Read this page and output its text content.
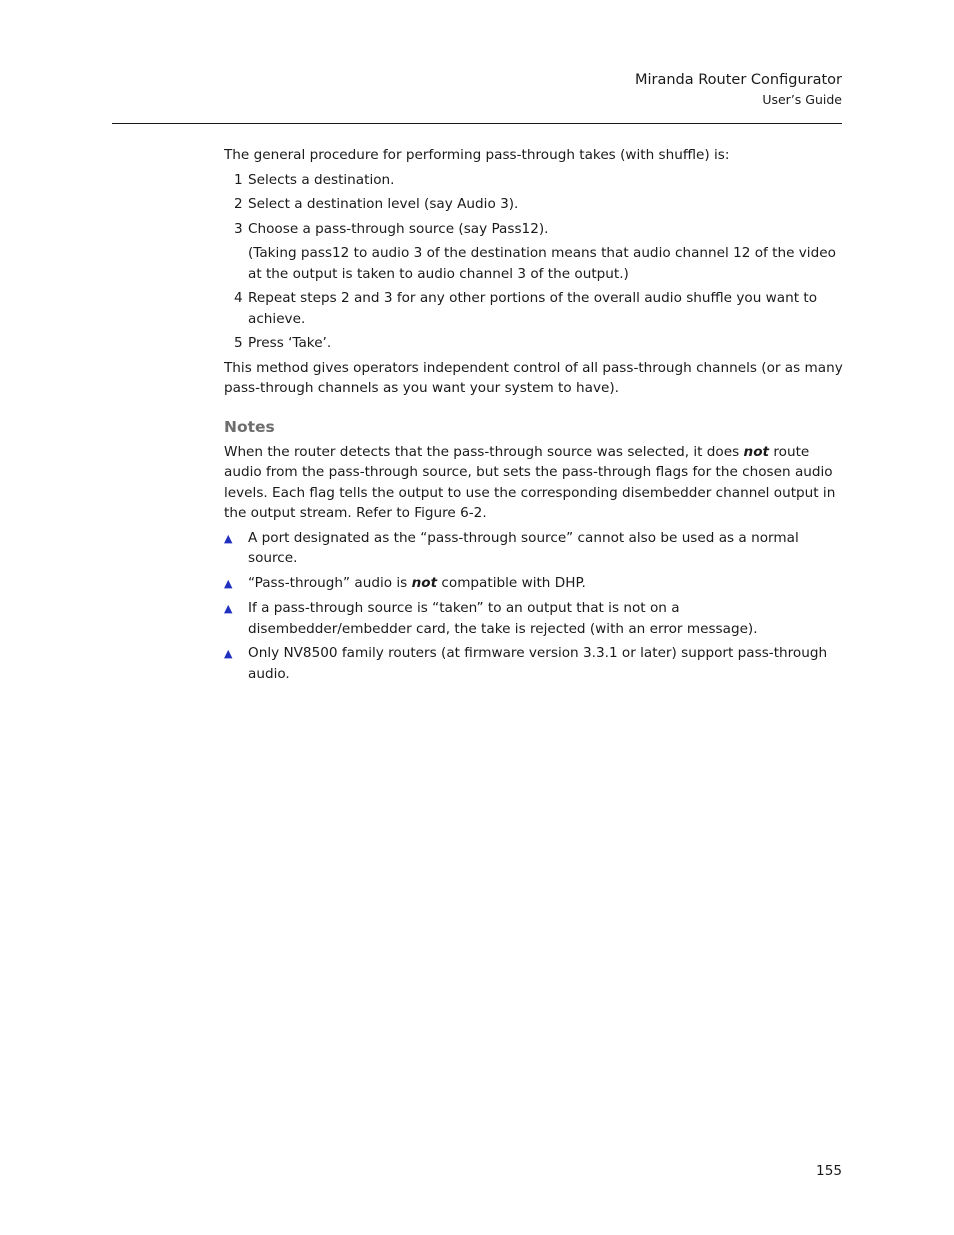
Miranda Router Configurator
User’s Guide

The general procedure for performing pass-through takes (with shuffle) is:

1 Selects a destination.
2 Select a destination level (say Audio 3).
3 Choose a pass-through source (say Pass12).

(Taking pass12 to audio 3 of the destination means that audio channel 12 of the video at the output is taken to audio channel 3 of the output.)

4 Repeat steps 2 and 3 for any other portions of the overall audio shuffle you want to achieve.
5 Press ‘Take’.

This method gives operators independent control of all pass-through channels (or as many pass-through channels as you want your system to have).

Notes

When the router detects that the pass-through source was selected, it does not route audio from the pass-through source, but sets the pass-through flags for the chosen audio levels. Each flag tells the output to use the corresponding disembedder channel output in the output stream. Refer to Figure 6-2.

▲	A port designated as the “pass-through source” cannot also be used as a normal source.
▲	“Pass-through” audio is not compatible with DHP.
▲	If a pass-through source is “taken” to an output that is not on a disembedder/embedder card, the take is rejected (with an error message).
▲	Only NV8500 family routers (at firmware version 3.3.1 or later) support pass-through audio.
155
